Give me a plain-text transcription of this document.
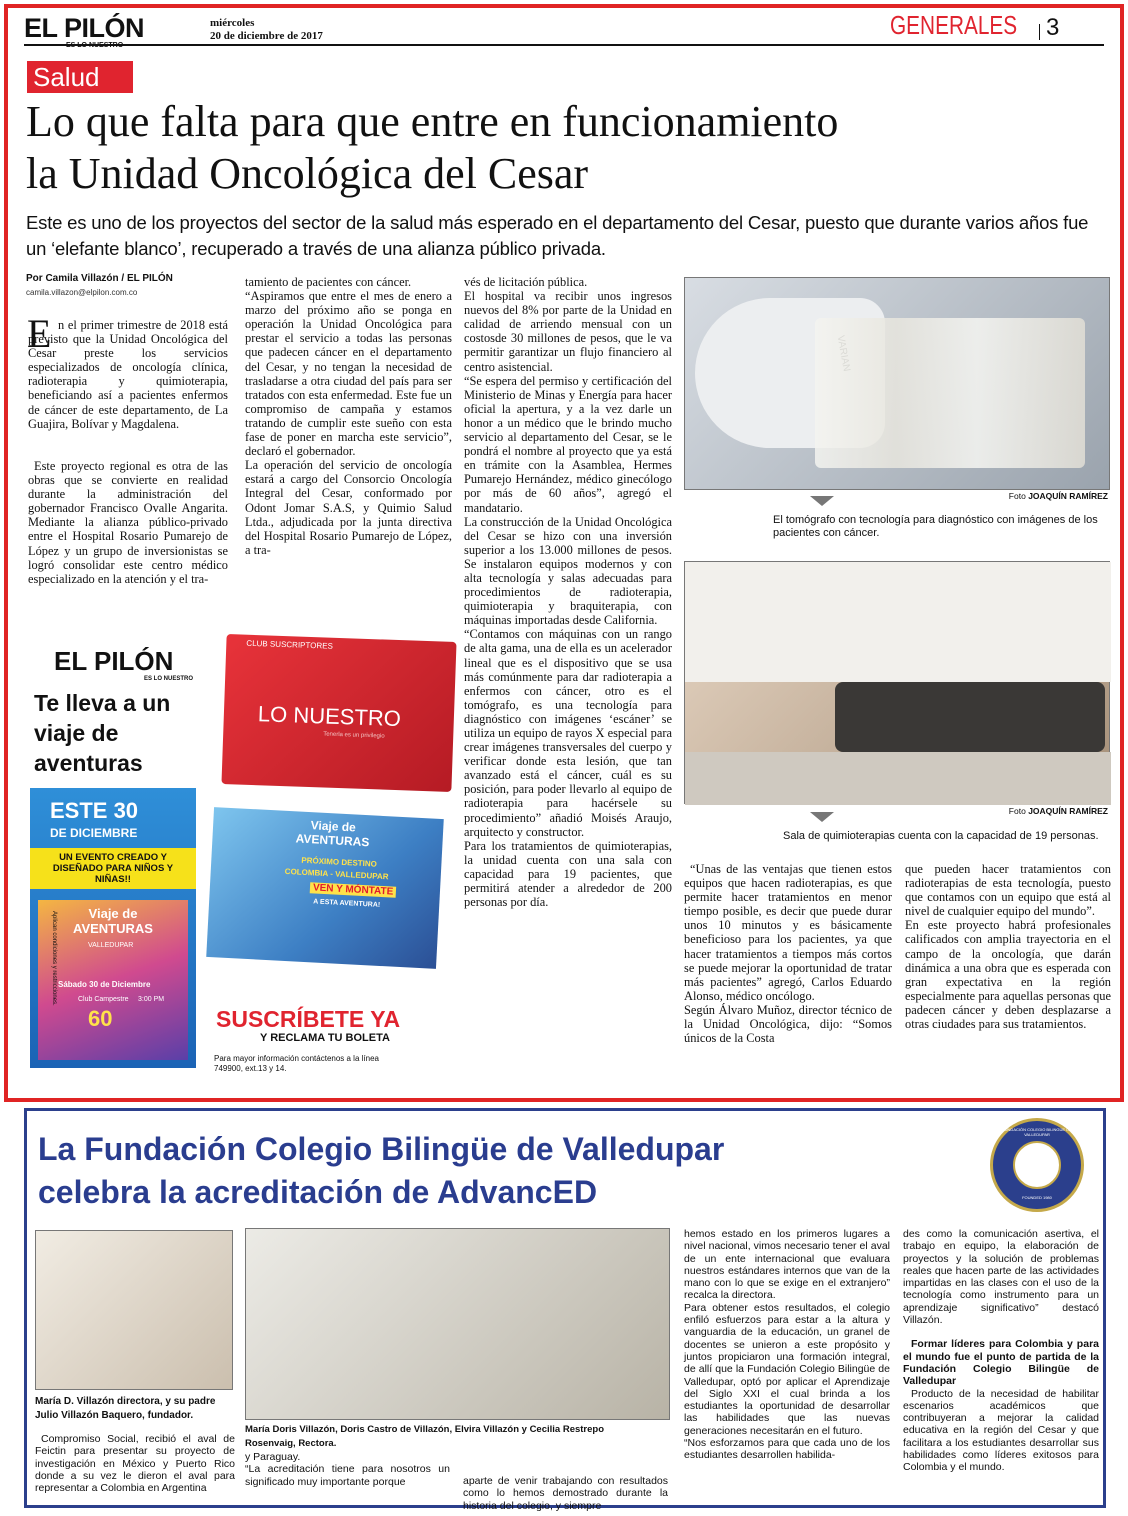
EL PILÓN	miércoles
20 de diciembre de 2017	GENERALES 3
Salud
Lo que falta para que entre en funcionamiento
la Unidad Oncológica del Cesar
Este es uno de los proyectos del sector de la salud más esperado en el departamento del Cesar, puesto que durante varios años fue un ‘elefante blanco’, recuperado a través de una alianza público privada.
Por Camila Villazón / EL PILÓN
camila.villazon@elpilon.com.co
E n el primer trimestre de 2018 está previsto que la Unidad Oncológica del Cesar preste los servicios especializados de oncología clínica, radioterapia y quimioterapia, beneficiando así a pacientes enfermos de cáncer de este departamento, de La Guajira, Bolívar y Magdalena.
Este proyecto regional es otra de las obras que se convierte en realidad durante la administración del gobernador Francisco Ovalle Angarita. Mediante la alianza público-privado entre el Hospital Rosario Pumarejo de López y un grupo de inversionistas se logró consolidar este centro médico especializado en la atención y el tra-
tamiento de pacientes con cáncer.
“Aspiramos que entre el mes de enero a marzo del próximo año se ponga en operación la Unidad Oncológica para prestar el servicio a todas las personas que padecen cáncer en el departamento del Cesar, y no tengan la necesidad de trasladarse a otra ciudad del país para ser tratados con esta enfermedad. Este fue un compromiso de campaña y estamos tratando de cumplir este sueño con esta fase de poner en marcha este servicio”, declaró el gobernador.
La operación del servicio de oncología estará a cargo del Consorcio Oncología Integral del Cesar, conformado por Odont Jomar S.A.S, y Quimio Salud Ltda., adjudicada por la junta directiva del Hospital Rosario Pumarejo de López, a tra-
vés de licitación pública.
El hospital va recibir unos ingresos nuevos del 8% por parte de la Unidad en calidad de arriendo mensual con un costosde 30 millones de pesos, que le va permitir garantizar un flujo financiero al centro asistencial.
“Se espera del permiso y certificación del Ministerio de Minas y Energía para hacer oficial la apertura, y a la vez darle un honor a un médico que le brindo mucho servicio al departamento del Cesar, se le pondrá el nombre al proyecto que ya está en trámite con la Asamblea, Hermes Pumarejo Hernández, médico ginecólogo por más de 60 años”, agregó el mandatario.
La construcción de la Unidad Oncológica del Cesar se hizo con una inversión superior a los 13.000 millones de pesos. Se instalaron equipos modernos y con alta tecnología y salas adecuadas para procedimientos de radioterapia, quimioterapia y braquiterapia, con máquinas importadas desde California.
“Contamos con máquinas con un rango de alta gama, una de ella es un acelerador lineal que es el dispositivo que se usa más comúnmente para dar radioterapia a enfermos con cáncer, otro es el tomógrafo, es una tecnología para diagnóstico con imágenes ‘escáner’ se utiliza un equipo de rayos X especial para crear imágenes transversales del cuerpo y verificar donde esta lesión, que tan avanzado está el cáncer, cuál es su posición, para poder llevarlo al equipo de radioterapia para hacérsele su procedimiento” añadió Moisés Araujo, arquitecto y constructor.
Para los tratamientos de quimioterapias, la unidad cuenta con una sala con capacidad para 19 pacientes, que permitirá atender a alrededor de 200 personas por día.
Foto JOAQUÍN RAMÍREZ
El tomógrafo con tecnología para diagnóstico con imágenes de los pacientes con cáncer.
Foto JOAQUÍN RAMÍREZ
Sala de quimioterapias cuenta con la capacidad de 19 personas.
“Unas de las ventajas que tienen estos equipos que hacen radioterapias, es que permite hacer tratamientos en menor tiempo posible, es decir que puede durar unos 10 minutos y es básicamente beneficioso para los pacientes, ya que hacer tratamientos a tiempos más cortos se puede mejorar la oportunidad de tratar más pacientes” agregó, Carlos Eduardo Alonso, médico oncólogo.
Según Álvaro Muñoz, director técnico de la Unidad Oncológica, dijo: “Somos únicos de la Costa
que pueden hacer tratamientos con radioterapias de esta tecnología, puesto que contamos con un equipo que está al nivel de cualquier equipo del mundo”.
En este proyecto habrá profesionales calificados con amplia trayectoria en el campo de la oncología, que darán dinámica a una obra que es esperada con gran expectativa en la región especialmente para aquellas personas que padecen cáncer y deben desplazarse a otras ciudades para sus tratamientos.
EL PILÓN
ES LO NUESTRO
Te lleva a un viaje de aventuras
CLUB SUSCRIPTORES
LO NUESTRO
Tenerla es un privilegio
ESTE 30
DE DICIEMBRE
UN EVENTO CREADO Y DISEÑADO PARA NIÑOS Y NIÑAS!!
Viaje de AVENTURAS
VALLEDUPAR
Sábado 30 de Diciembre
Club Campestre 3:00 PM
60
Aplican condiciones y restricciones.
Viaje de AVENTURAS
PRÓXIMO DESTINO
COLOMBIA - VALLEDUPAR
VEN Y MÓNTATE
A ESTA AVENTURA!
SUSCRÍBETE YA
Y RECLAMA TU BOLETA
Para mayor información contáctenos a la línea 749900, ext.13 y 14.
La Fundación Colegio Bilingüe de Valledupar
celebra la acreditación de AdvancED
FUNDACIÓN COLEGIO BILINGÜE DE VALLEDUPAR
FOUNDED 1980
María D. Villazón directora, y su padre
Julio Villazón Baquero, fundador.
Compromiso Social, recibió el aval de Feictin para presentar su proyecto de investigación en México y Puerto Rico donde a su vez le dieron el aval para representar a Colombia en Argentina
María Doris Villazón, Doris Castro de Villazón, Elvira Villazón y Cecilia Restrepo
Rosenvaig, Rectora.
y Paraguay.
“La acreditación tiene para nosotros un significado muy importante porque	aparte de venir trabajando con resultados como lo hemos demostrado durante la historia del colegio, y siempre
hemos estado en los primeros lugares a nivel nacional, vimos necesario tener el aval de un ente internacional que evaluara nuestros estándares internos que van de la mano con lo que se exige en el extranjero” recalca la directora.
Para obtener estos resultados, el colegio enfiló esfuerzos para estar a la altura y vanguardia de la educación, un granel de docentes se unieron a este propósito y juntos propiciaron una formación integral, de allí que la Fundación Colegio Bilingüe de Valledupar, optó por aplicar el Aprendizaje del Siglo XXI el cual brinda a los estudiantes la oportunidad de desarrollar las habilidades que las nuevas generaciones necesitarán en el futuro.
“Nos esforzamos para que cada uno de los estudiantes desarrollen habilida-
des como la comunicación asertiva, el trabajo en equipo, la elaboración de proyectos y la solución de problemas reales que hacen parte de las actividades impartidas en las clases con el uso de la tecnología como instrumento para un aprendizaje significativo” destacó Villazón.
Formar líderes para Colombia y para el mundo fue el punto de partida de la Fundación Colegio Bilingüe de Valledupar
Producto de la necesidad de habilitar escenarios académicos que contribuyeran a mejorar la calidad educativa en la región del Cesar y que facilitara a los estudiantes desarrollar sus habilidades como líderes exitosos para Colombia y el mundo.
